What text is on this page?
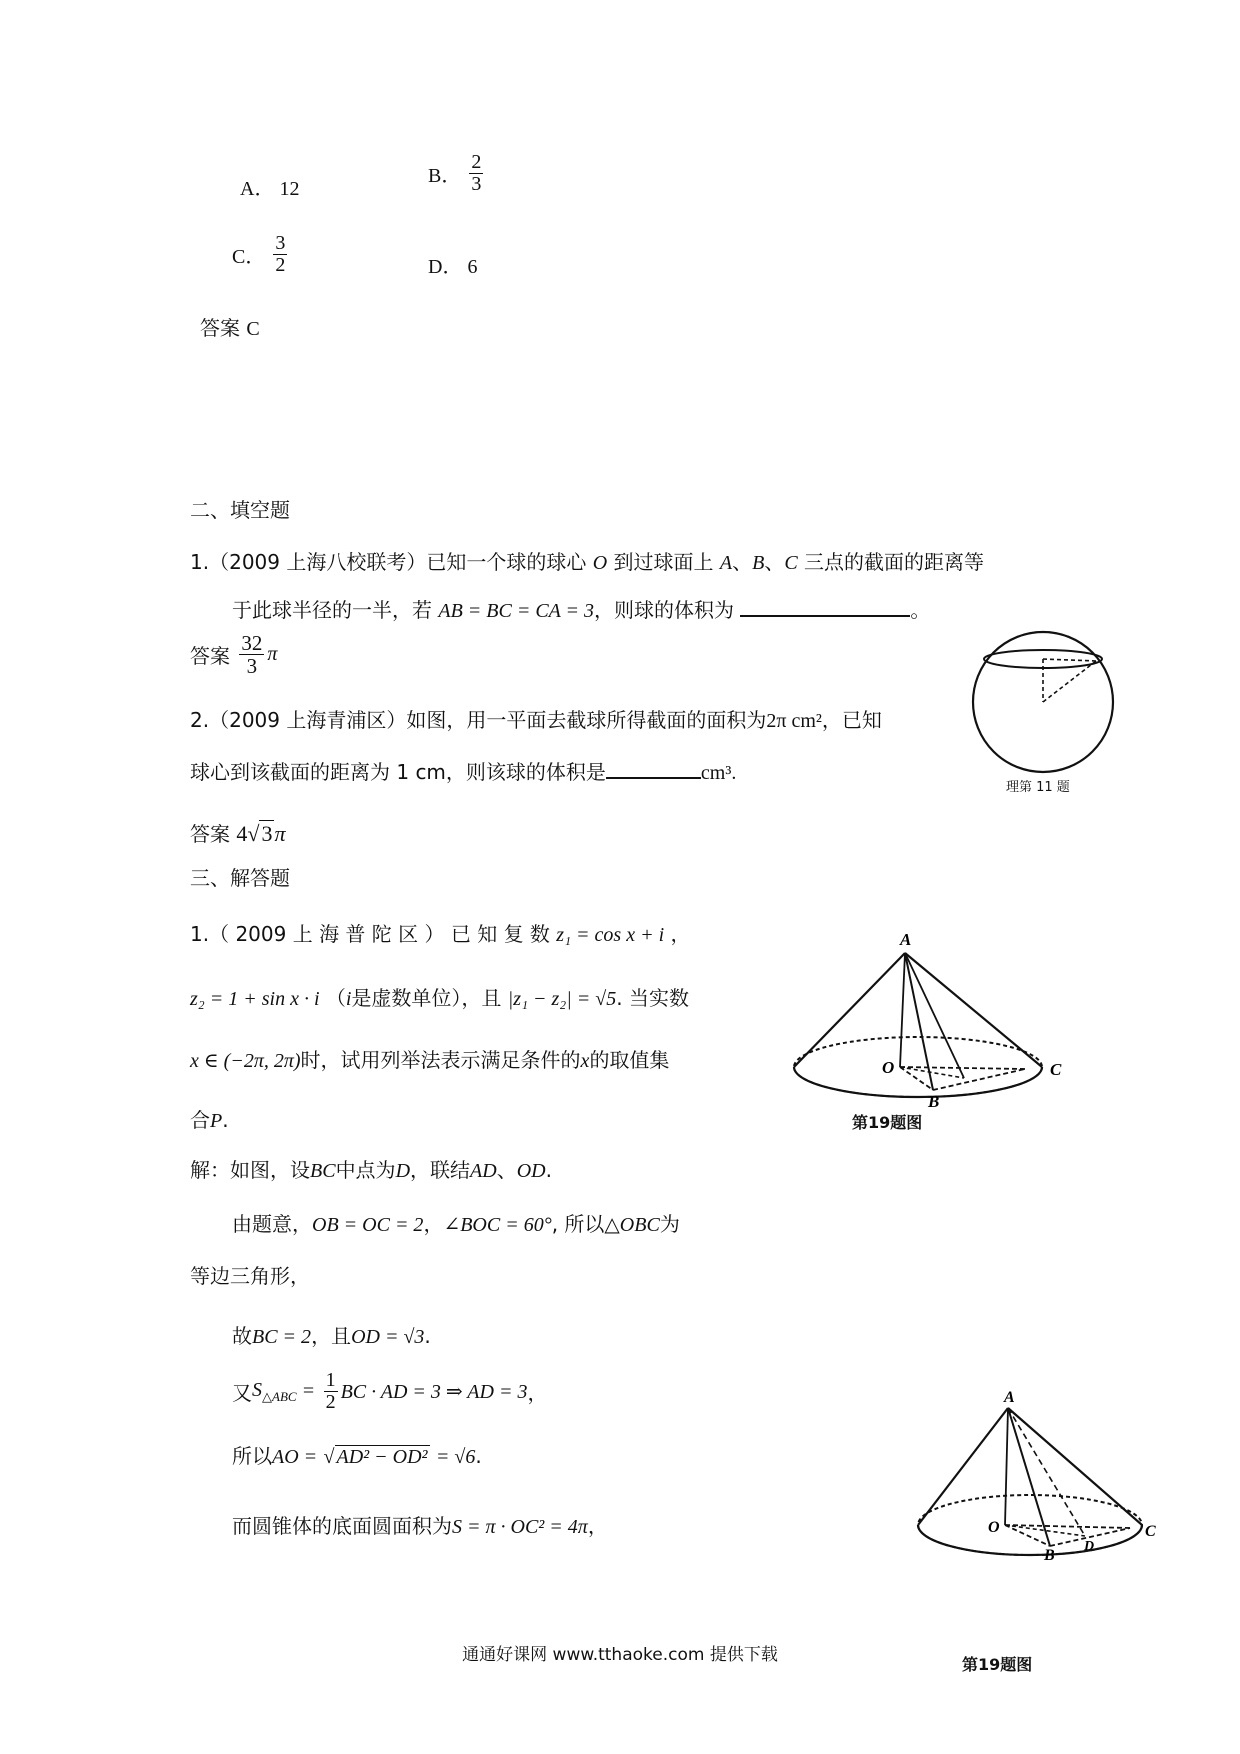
A． 12
B． $\frac{2}{3}$
C． $\frac{3}{2}$	D． 6
答案 C
二、填空题
1.（2009 上海八校联考）已知一个球的球心 O 到过球面上 A、B、C 三点的截面的距离等
于此球半径的一半，若 AB = BC = CA = 3，则球的体积为	。
答案 $\frac{32}{3}$ π
2.（2009 上海青浦区）如图，用一平面去截球所得截面的面积为2π cm²，已知
球心到该截面的距离为 1 cm，则该球的体积是	cm³.
答案 4√3π
理第 11 题
三、解答题
1.（ 2009 上 海 普 陀 区 ） 已 知 复 数 z₁ = cos x + i ，
z₂ = 1 + sin x · i （i是虚数单位），且 |z₁ − z₂| = √5. 当实数
x ∈ (−2π, 2π)时，试用列举法表示满足条件的x的取值集
合P.
解：如图，设BC中点为D，联结AD、OD.
由题意，OB = OC = 2，∠BOC = 60°, 所以△OBC为
等边三角形，
故BC = 2，且OD = √3.
又$S_{\triangle ABC} = \frac{1}{2}$ BC · AD = 3 ⇒ AD = 3，
所以AO = √ AD² − OD² = √6.
而圆锥体的底面圆面积为S = π · OC² = 4π，
A
O
B
C
第19题图
A
O
B
C
D
第19题图
通通好课网 www.tthaoke.com 提供下载
